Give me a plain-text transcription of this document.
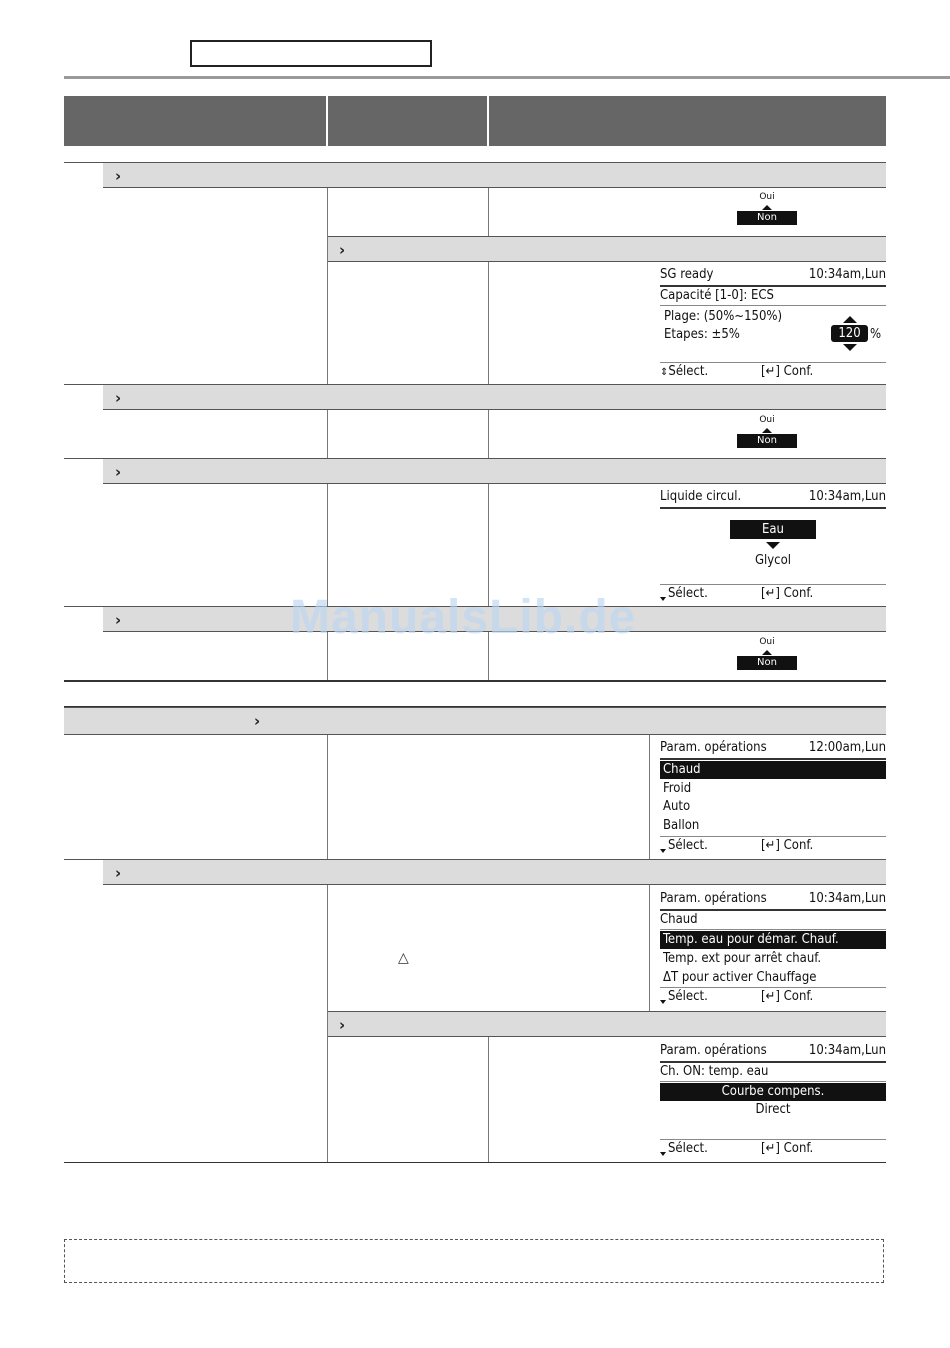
›
Oui
Non
›
SG ready	10:34am,Lun
Capacité [1-0]: ECS
Plage: (50%~150%)
Etapes: ±5%	120 %
⇕Sélect.	[↵] Conf.
›
Oui
Non
›
Liquide circul.	10:34am,Lun
Eau
Glycol
Sélect.	[↵] Conf.
›
Oui
Non
›
Param. opérations	12:00am,Lun
Chaud
Froid
Auto
Ballon
Sélect.	[↵] Conf.
›
△
Param. opérations	10:34am,Lun
Chaud
Temp. eau pour démar. Chauf.
Temp. ext pour arrêt chauf.
ΔT pour activer Chauffage
Sélect.	[↵] Conf.
›
Param. opérations	10:34am,Lun
Ch. ON: temp. eau
Courbe compens.
Direct
Sélect.	[↵] Conf.
ManualsLib.de
